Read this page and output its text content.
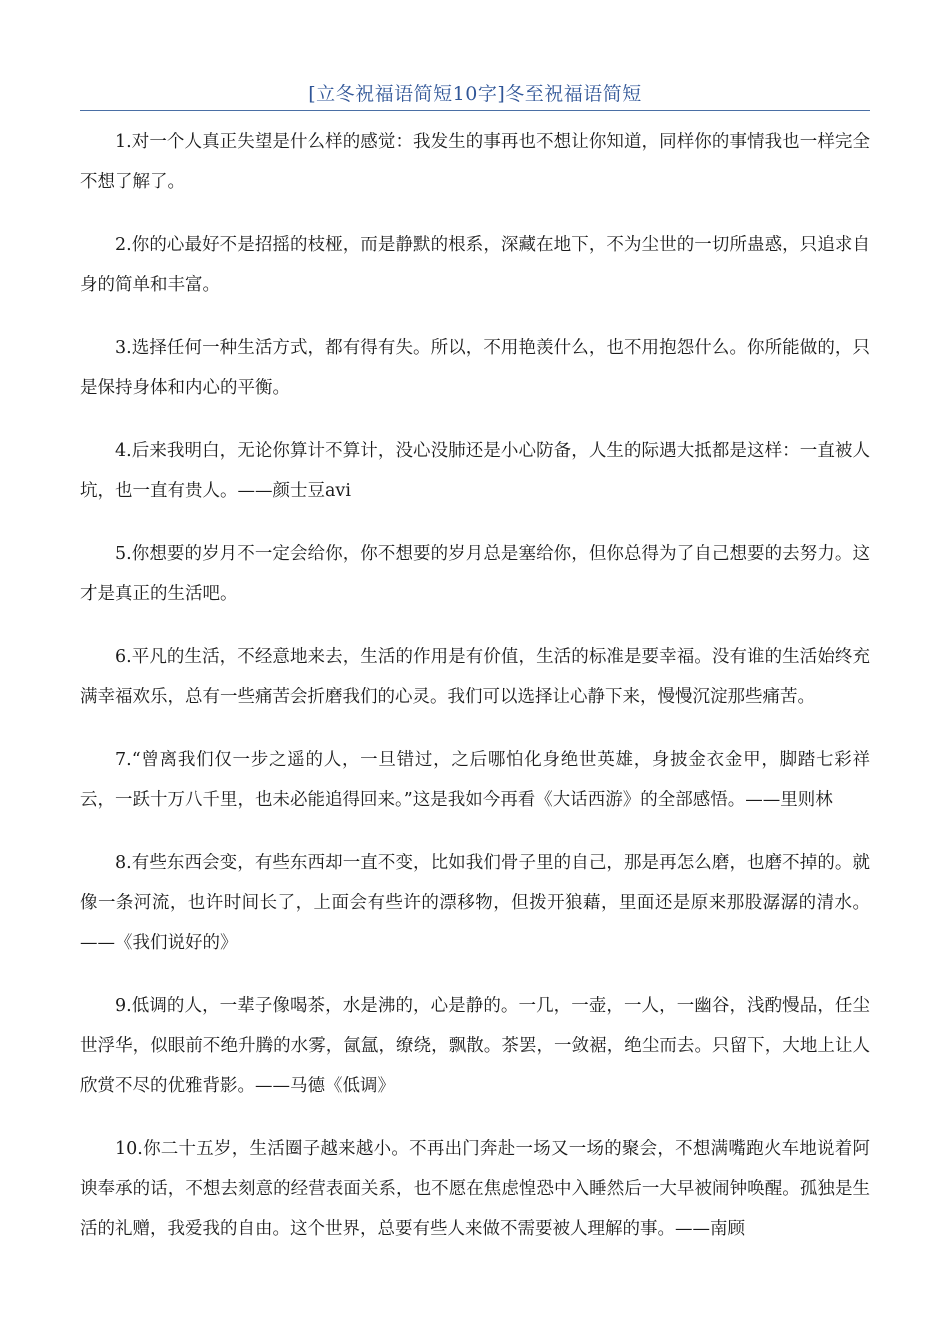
[立冬祝福语简短10字]冬至祝福语简短

1.对一个人真正失望是什么样的感觉：我发生的事再也不想让你知道，同样你的事情我也一样完全不想了解了。

2.你的心最好不是招摇的枝桠，而是静默的根系，深藏在地下，不为尘世的一切所蛊惑，只追求自身的简单和丰富。

3.选择任何一种生活方式，都有得有失。所以，不用艳羡什么，也不用抱怨什么。你所能做的，只是保持身体和内心的平衡。

4.后来我明白，无论你算计不算计，没心没肺还是小心防备，人生的际遇大抵都是这样：一直被人坑，也一直有贵人。——颜士豆avi

5.你想要的岁月不一定会给你，你不想要的岁月总是塞给你，但你总得为了自己想要的去努力。这才是真正的生活吧。

6.平凡的生活，不经意地来去，生活的作用是有价值，生活的标准是要幸福。没有谁的生活始终充满幸福欢乐，总有一些痛苦会折磨我们的心灵。我们可以选择让心静下来，慢慢沉淀那些痛苦。

7.“曾离我们仅一步之遥的人，一旦错过，之后哪怕化身绝世英雄，身披金衣金甲，脚踏七彩祥云，一跃十万八千里，也未必能追得回来。”这是我如今再看《大话西游》的全部感悟。——里则林

8.有些东西会变，有些东西却一直不变，比如我们骨子里的自己，那是再怎么磨，也磨不掉的。就像一条河流，也许时间长了，上面会有些许的漂移物，但拨开狼藉，里面还是原来那股潺潺的清水。——《我们说好的》

9.低调的人，一辈子像喝茶，水是沸的，心是静的。一几，一壶，一人，一幽谷，浅酌慢品，任尘世浮华，似眼前不绝升腾的水雾，氤氲，缭绕，飘散。茶罢，一敛裾，绝尘而去。只留下，大地上让人欣赏不尽的优雅背影。——马德《低调》

10.你二十五岁，生活圈子越来越小。不再出门奔赴一场又一场的聚会，不想满嘴跑火车地说着阿谀奉承的话，不想去刻意的经营表面关系，也不愿在焦虑惶恐中入睡然后一大早被闹钟唤醒。孤独是生活的礼赠，我爱我的自由。这个世界，总要有些人来做不需要被人理解的事。——南顾
